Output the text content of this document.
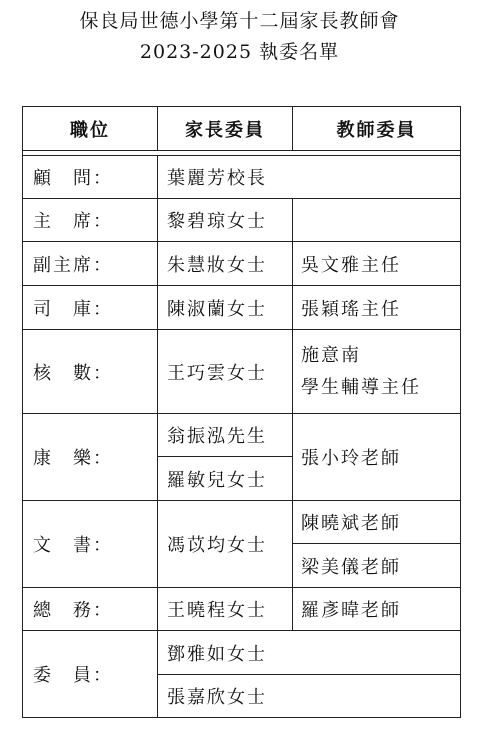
保良局世德小學第十二屆家長教師會
2023-2025 執委名單
職位	家長委員	教師委員

顧　問：	葉麗芳校長	
主　席：	黎碧琼女士	
副主席：	朱慧妝女士	吳文雅主任
司　庫：	陳淑蘭女士	張穎瑤主任
核　數：	王巧雲女士	施意南
學生輔導主任

康　樂：	翁振泓先生	張小玲老師
	羅敏兒女士	
文　書：	馮苡均女士	陳曉斌老師
		梁美儀老師
總　務：	王曉程女士	羅彥暐老師
委　員：	鄧雅如女士	
	張嘉欣女士	
